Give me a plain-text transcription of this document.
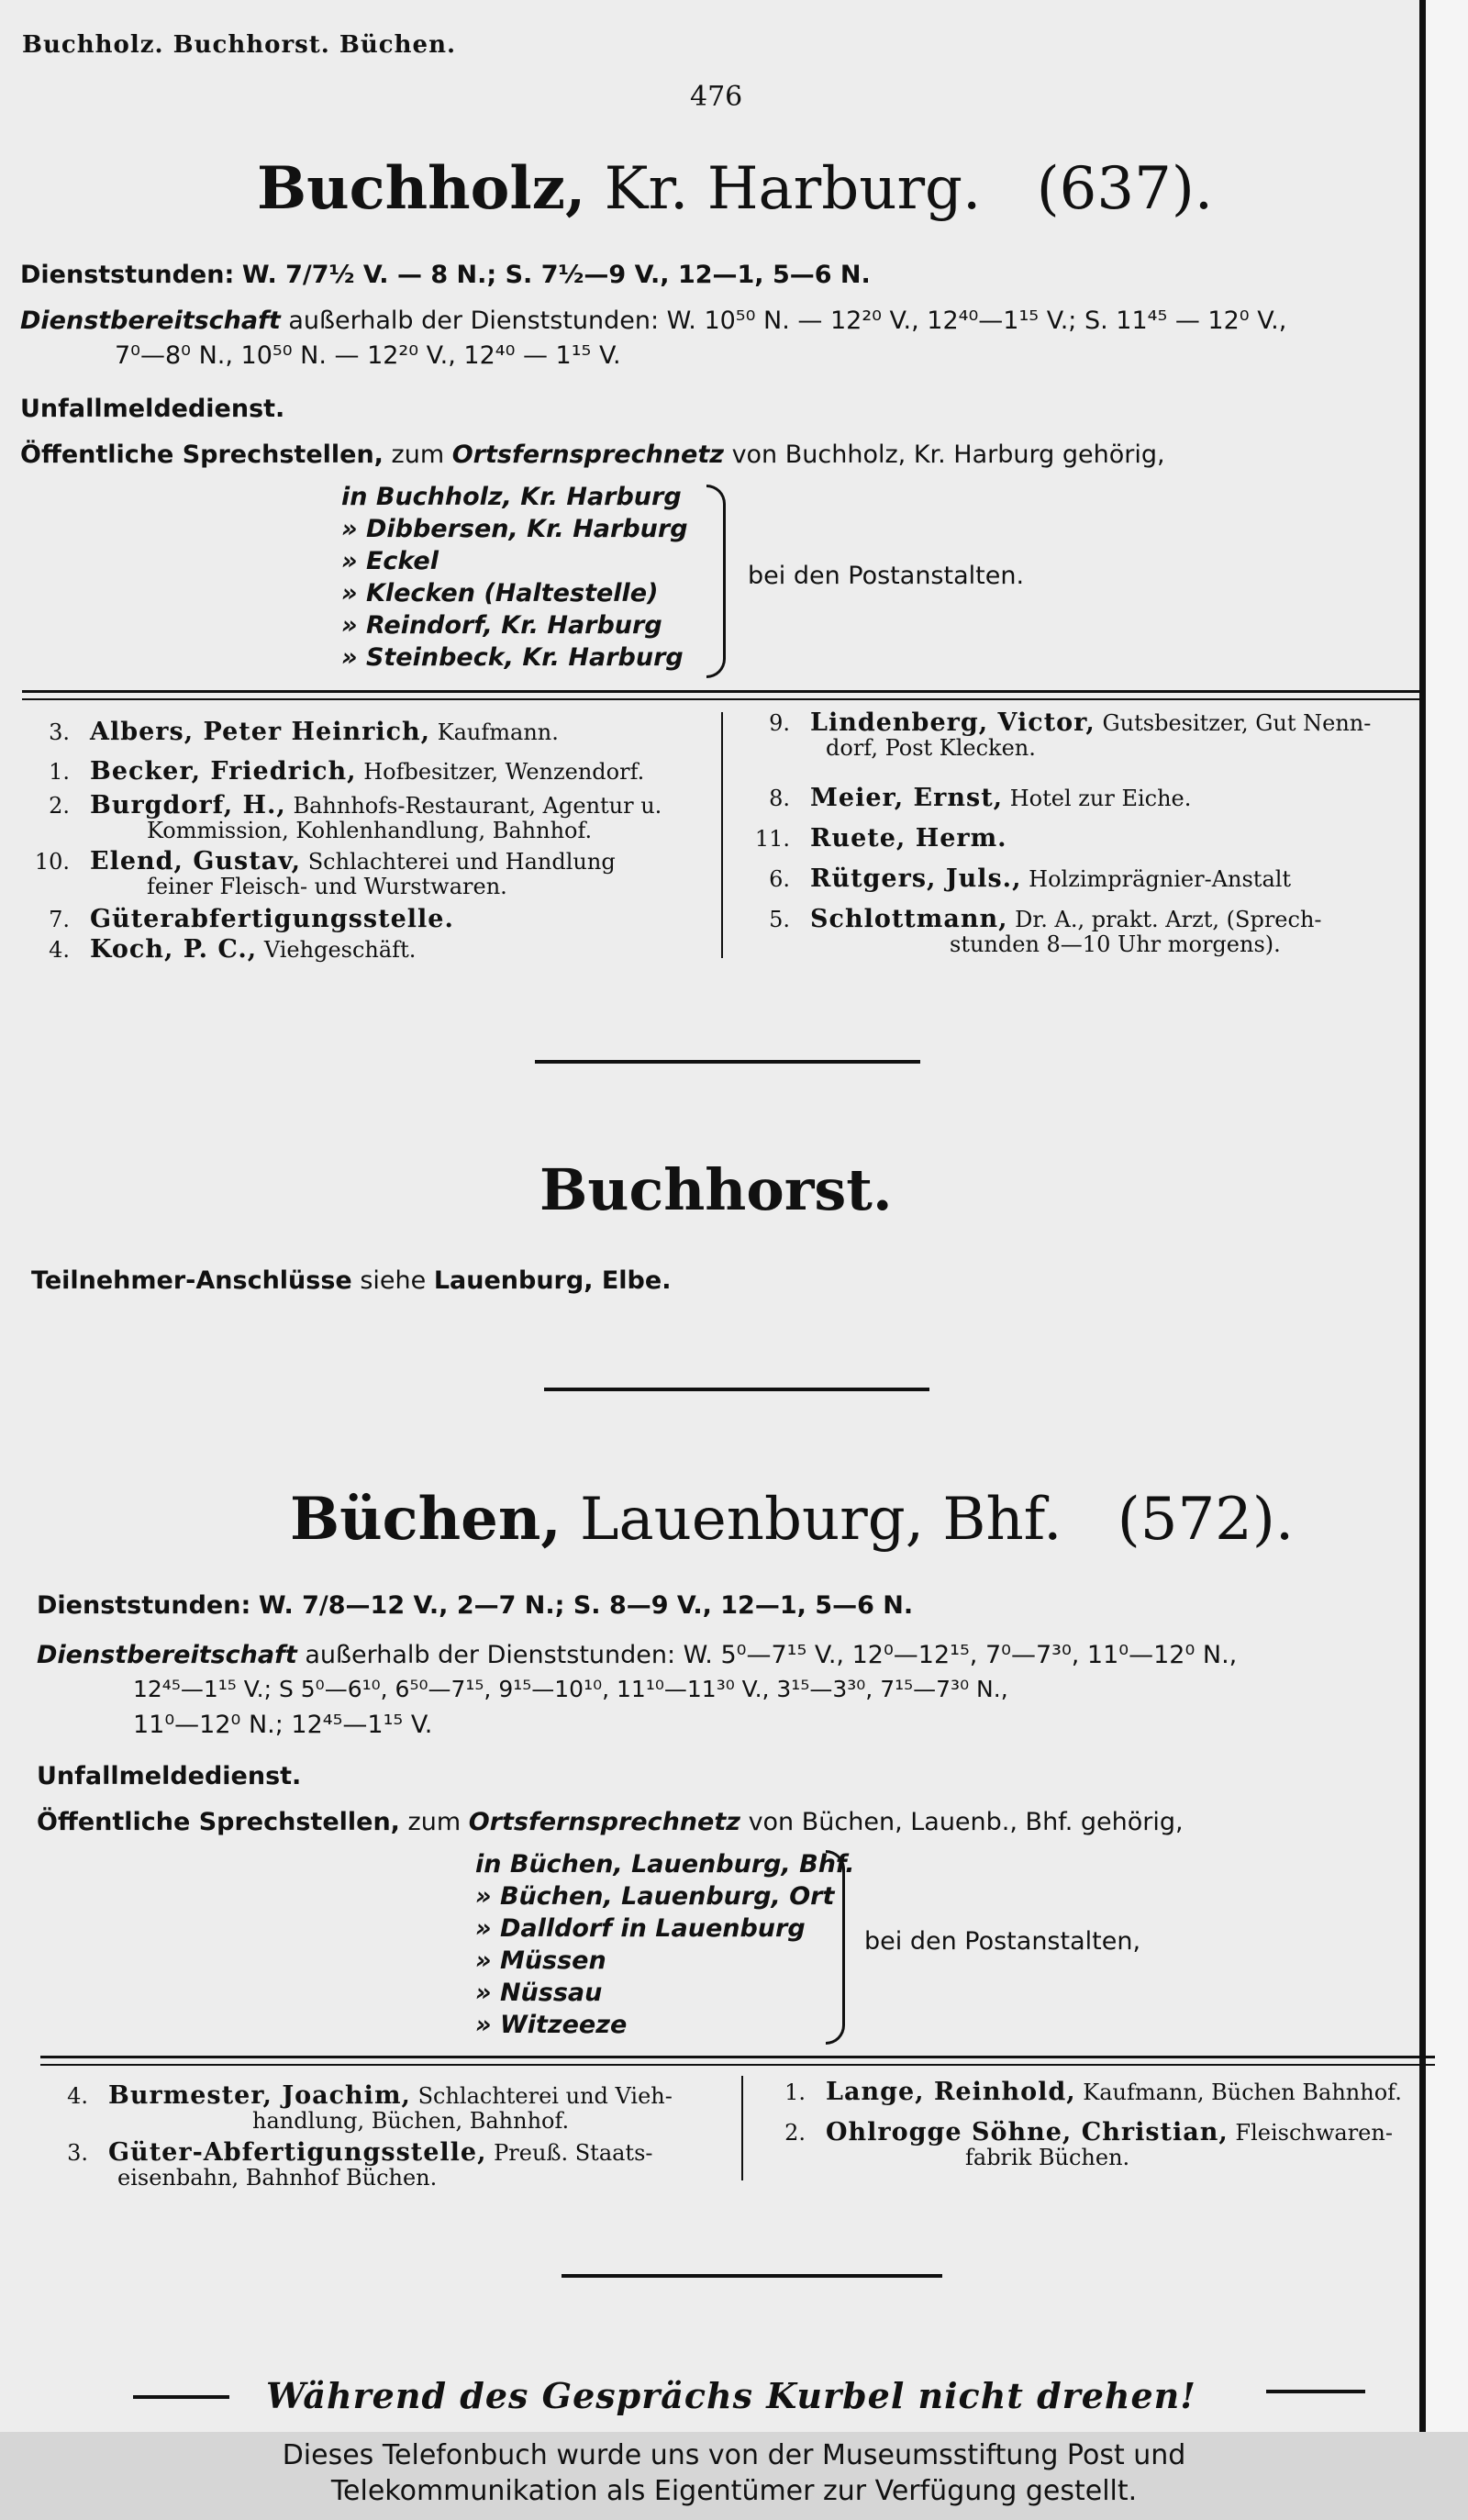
Buchholz. Buchhorst. Büchen.
476
Buchholz, Kr. Harburg. (637).
Dienststunden: W. 7/7½ V. — 8 N.; S. 7½—9 V., 12—1, 5—6 N.
Dienstbereitschaft außerhalb der Dienststunden: W. 10⁵⁰ N. — 12²⁰ V., 12⁴⁰—1¹⁵ V.; S. 11⁴⁵ — 12⁰ V.,
7⁰—8⁰ N., 10⁵⁰ N. — 12²⁰ V., 12⁴⁰ — 1¹⁵ V.
Unfallmeldedienst.
Öffentliche Sprechstellen, zum Ortsfernsprechnetz von Buchholz, Kr. Harburg gehörig,
in Buchholz, Kr. Harburg
» Dibbersen, Kr. Harburg
» Eckel
» Klecken (Haltestelle)
» Reindorf, Kr. Harburg
» Steinbeck, Kr. Harburg
bei den Postanstalten.
3. Albers, Peter Heinrich, Kaufmann.
1. Becker, Friedrich, Hofbesitzer, Wenzendorf.
2. Burgdorf, H., Bahnhofs-Restaurant, Agentur u.
Kommission, Kohlenhandlung, Bahnhof.
10. Elend, Gustav, Schlachterei und Handlung
feiner Fleisch- und Wurstwaren.
7. Güterabfertigungsstelle.
4. Koch, P. C., Viehgeschäft.
9. Lindenberg, Victor, Gutsbesitzer, Gut Nenn-
dorf, Post Klecken.
8. Meier, Ernst, Hotel zur Eiche.
11. Ruete, Herm.
6. Rütgers, Juls., Holzimprägnier-Anstalt
5. Schlottmann, Dr. A., prakt. Arzt, (Sprech-
stunden 8—10 Uhr morgens).
Buchhorst.
Teilnehmer-Anschlüsse siehe Lauenburg, Elbe.
Büchen, Lauenburg, Bhf. (572).
Dienststunden: W. 7/8—12 V., 2—7 N.; S. 8—9 V., 12—1, 5—6 N.
Dienstbereitschaft außerhalb der Dienststunden: W. 5⁰—7¹⁵ V., 12⁰—12¹⁵, 7⁰—7³⁰, 11⁰—12⁰ N.,
12⁴⁵—1¹⁵ V.; S 5⁰—6¹⁰, 6⁵⁰—7¹⁵, 9¹⁵—10¹⁰, 11¹⁰—11³⁰ V., 3¹⁵—3³⁰, 7¹⁵—7³⁰ N.,
11⁰—12⁰ N.; 12⁴⁵—1¹⁵ V.
Unfallmeldedienst.
Öffentliche Sprechstellen, zum Ortsfernsprechnetz von Büchen, Lauenb., Bhf. gehörig,
in Büchen, Lauenburg, Bhf.
» Büchen, Lauenburg, Ort
» Dalldorf in Lauenburg
» Müssen
» Nüssau
» Witzeeze
bei den Postanstalten,
4. Burmester, Joachim, Schlachterei und Vieh-
handlung, Büchen, Bahnhof.
3. Güter-Abfertigungsstelle, Preuß. Staats-
eisenbahn, Bahnhof Büchen.
1. Lange, Reinhold, Kaufmann, Büchen Bahnhof.
2. Ohlrogge Söhne, Christian, Fleischwaren-
fabrik Büchen.
Während des Gesprächs Kurbel nicht drehen!
Dieses Telefonbuch wurde uns von der Museumsstiftung Post und
Telekommunikation als Eigentümer zur Verfügung gestellt.
